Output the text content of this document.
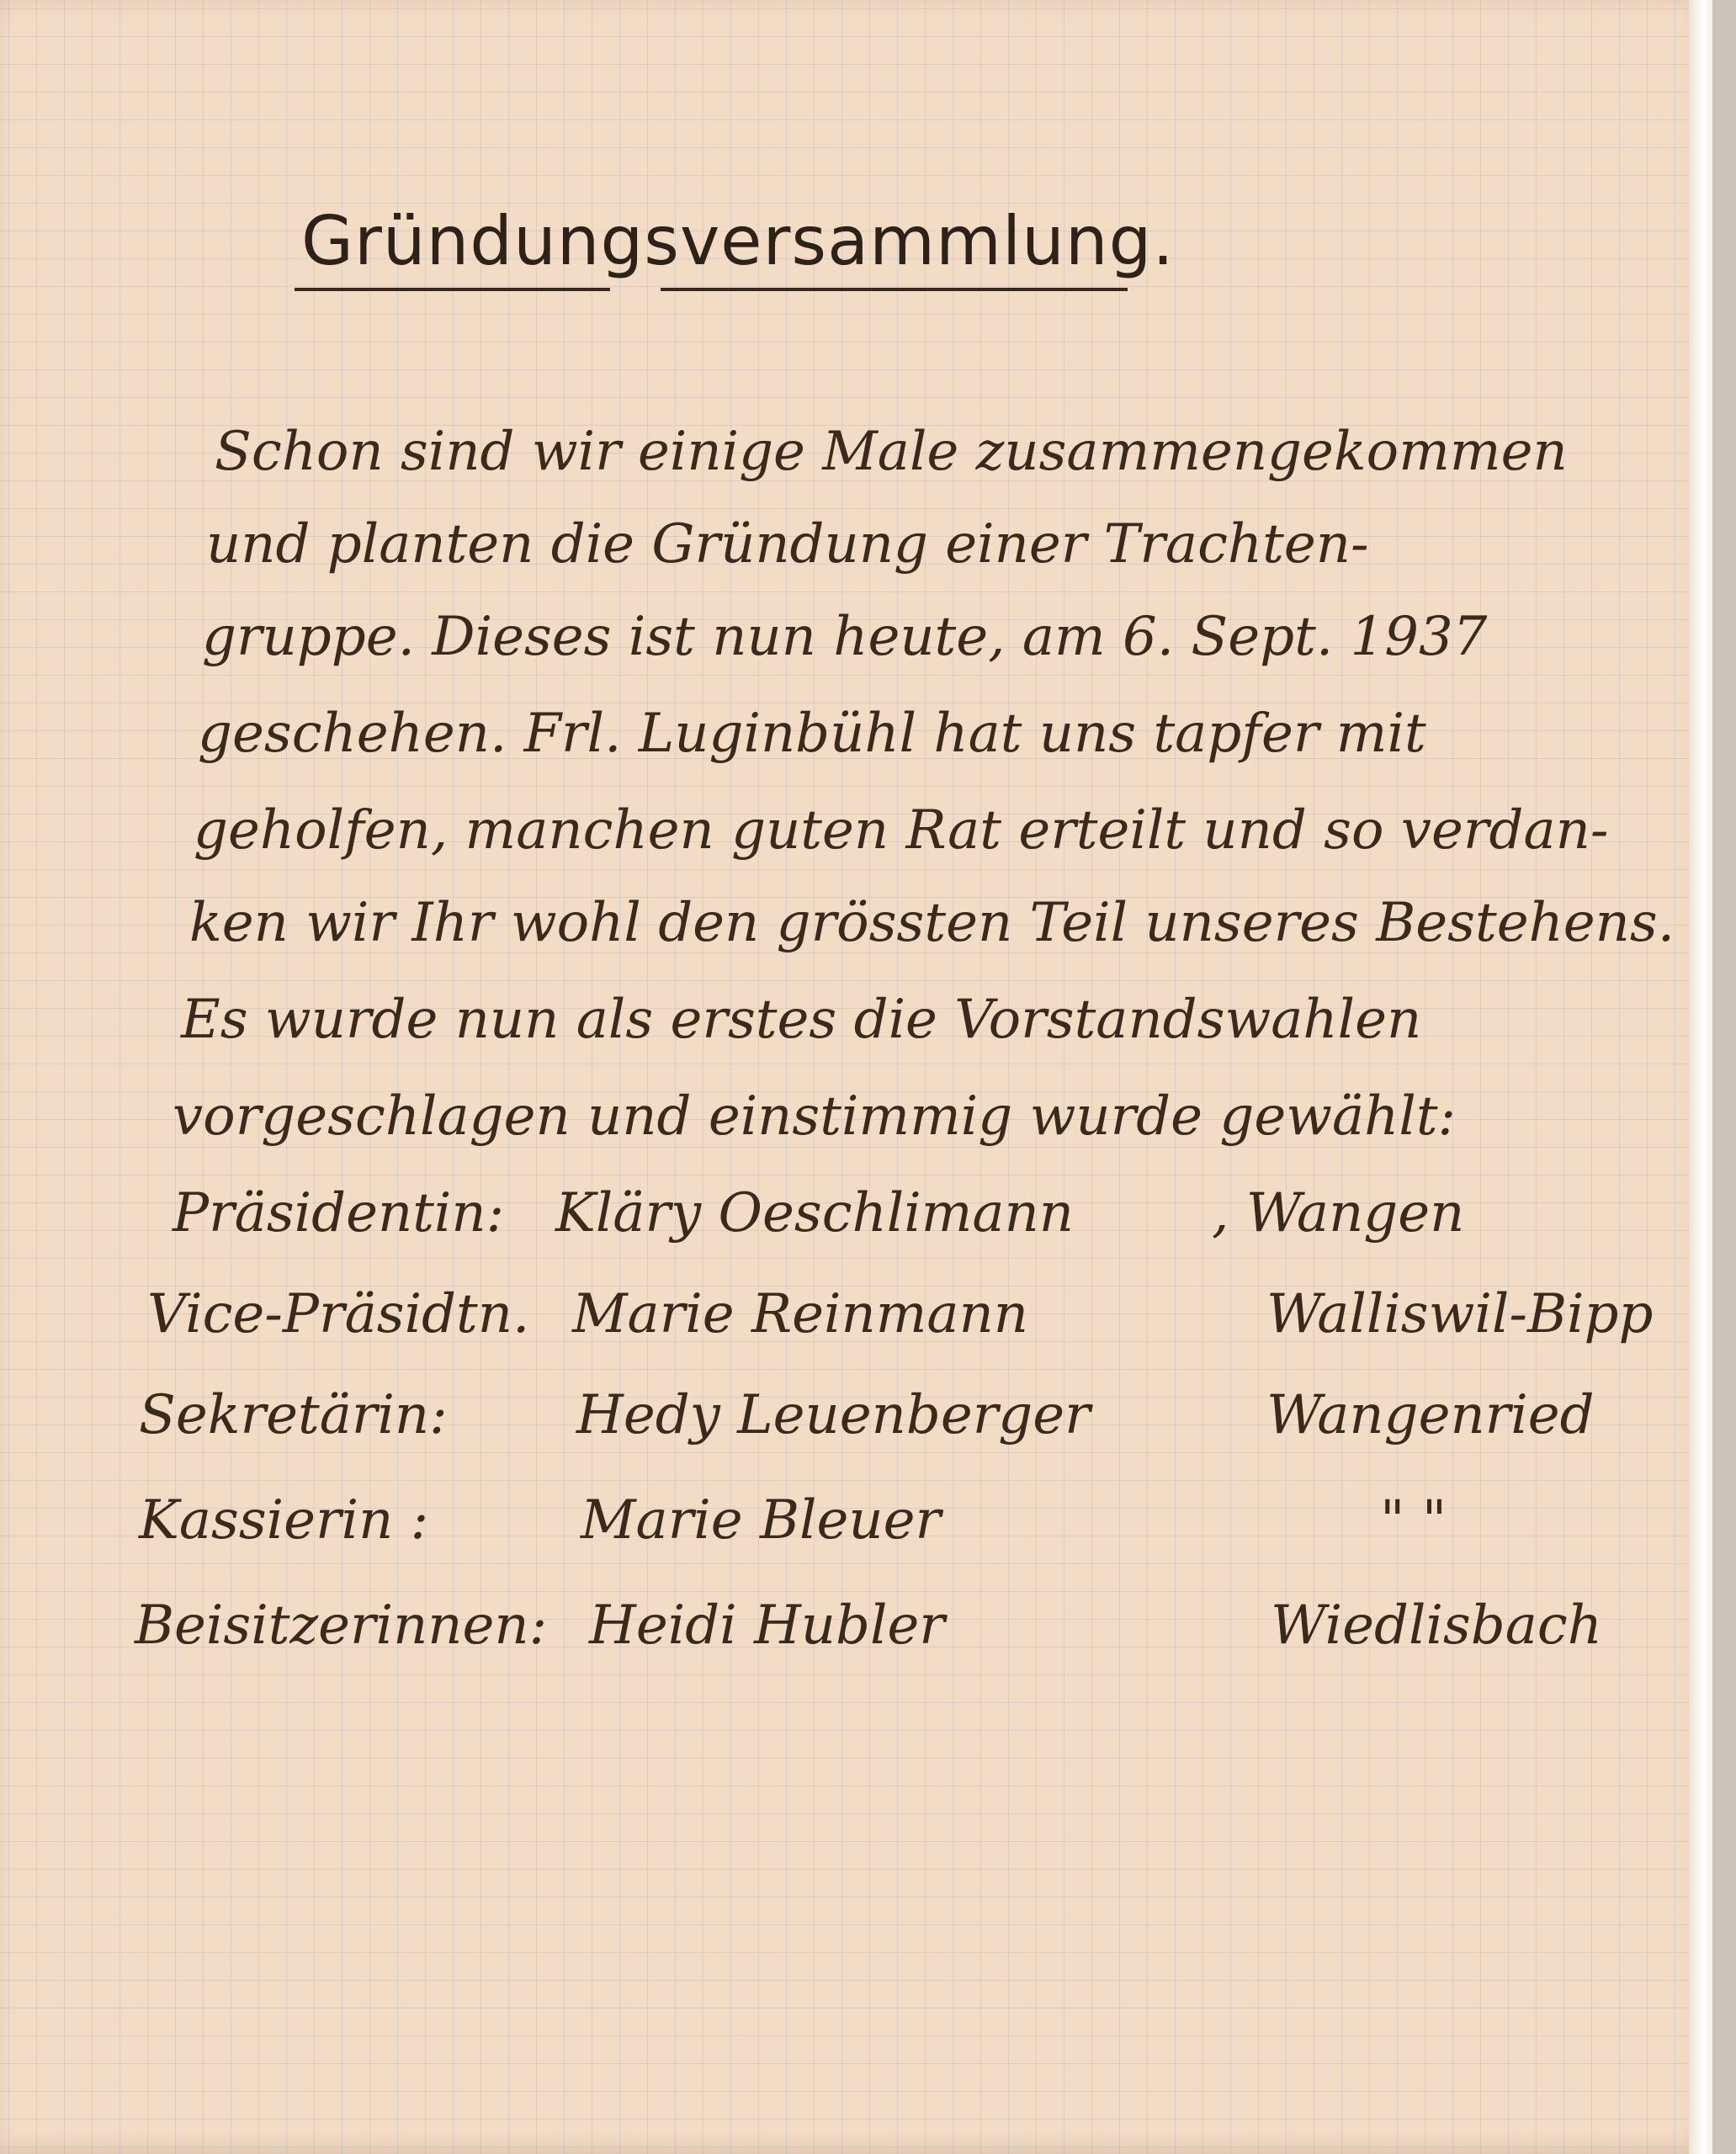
Gründungsversammlung.
Schon sind wir einige Male zusammengekommen
und planten die Gründung einer Trachten-
gruppe. Dieses ist nun heute, am 6. Sept. 1937
geschehen. Frl. Luginbühl hat uns tapfer mit
geholfen, manchen guten Rat erteilt und so verdan-
ken wir Ihr wohl den grössten Teil unseres Bestehens.
Es wurde nun als erstes die Vorstandswahlen
vorgeschlagen und einstimmig wurde gewählt:
Präsidentin: Kläry Oeschlimann	, Wangen
Vice-Präsidtn. Marie Reinmann	Walliswil-Bipp
Sekretärin: Hedy Leuenberger	Wangenried
Kassierin :	Marie Bleuer	" "
Beisitzerinnen: Heidi Hubler	Wiedlisbach
